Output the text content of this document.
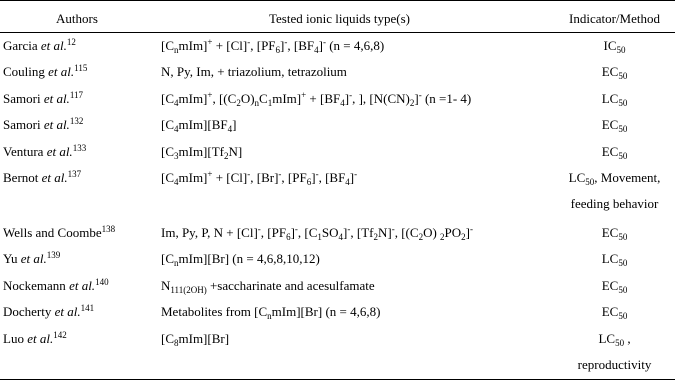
Authors	Tested ionic liquids type(s)	Indicator/Method
Garcia et al.$^{12}$	$[C_nmIm]^+ + [Cl]^-$, $[PF_6]^-$, $[BF_4]^-$ (n = 4,6,8)	$IC_{50}$
Couling et al.$^{115}$	N, Py, Im, + triazolium, tetrazolium	$EC_{50}$
Samori et al.$^{117}$	$[C_4mIm]^+$, $[(C_2O)_nC_1mIm]^+ + [BF_4]^-$, ], $[N(CN)_2]^-$ (n =1- 4)	$LC_{50}$
Samori et al.$^{132}$	$[C_4mIm][BF_4]$	$EC_{50}$
Ventura et al.$^{133}$	$[C_3mIm][Tf_2N]$	$EC_{50}$
Bernot et al.$^{137}$	$[C_4mIm]^+ + [Cl]^-$, [Br]-, $[PF_6]^-$, $[BF_4]^-$	$LC_{50}$, Movement,
feeding behavior
Wells and Coombe$^{138}$	Im, Py, P, N + [Cl]-, $[PF_6]^-$, $[C_1SO_4]^-$, $[Tf_2N]^-$, [$(C_2O)$ $_2PO_2]^-$	$EC_{50}$
Yu et al.$^{139}$	$[C_nmIm][Br] (n = 4,6,8,10,12)$	$LC_{50}$
Nockemann et al.$^{140}$	$N_{111(2OH)}$ +saccharinate and acesulfamate	$EC_{50}$
Docherty et al.$^{141}$	Metabolites from $[C_nmIm][Br] (n = 4,6,8)$	$EC_{50}$
Luo et al.$^{142}$	$[C_8mIm][Br]$	$LC_{50}$ ,
reproductivity
